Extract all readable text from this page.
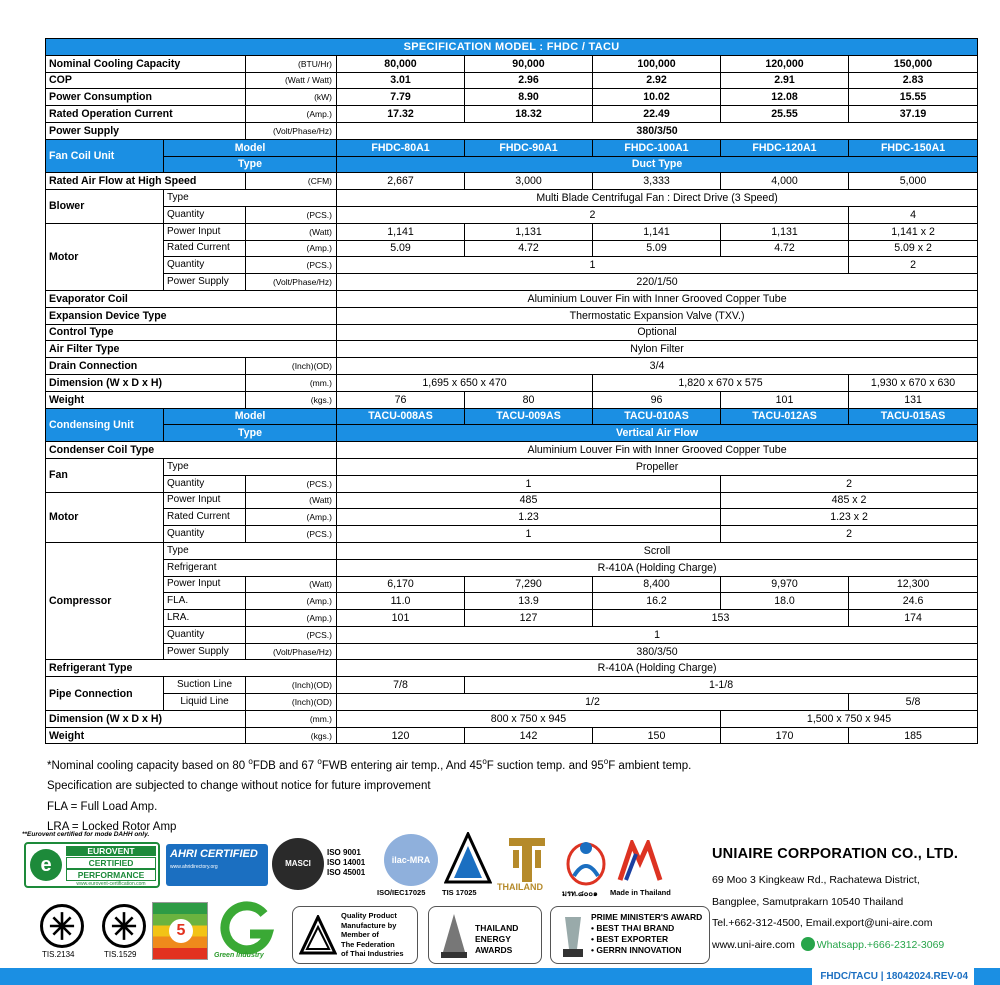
SPECIFICATION MODEL : FHDC / TACU							
Nominal Cooling Capacity		(BTU/Hr)	80,000	90,000	100,000	120,000	150,000
COP		(Watt / Watt)	3.01	2.96	2.92	2.91	2.83
Power Consumption		(kW)	7.79	8.90	10.02	12.08	15.55
Rated Operation Current		(Amp.)	17.32	18.32	22.49	25.55	37.19
Power Supply		(Volt/Phase/Hz)	380/3/50				
Fan Coil Unit	Model		FHDC-80A1	FHDC-90A1	FHDC-100A1	FHDC-120A1	FHDC-150A1
	Type		Duct Type				
Rated Air Flow at High Speed		(CFM)	2,667	3,000	3,333	4,000	5,000
Blower	Type		Multi Blade Centrifugal Fan : Direct Drive (3 Speed)				
	Quantity	(PCS.)	2				4
Motor	Power Input	(Watt)	1,141	1,131	1,141	1,131	1,141 x 2
	Rated Current	(Amp.)	5.09	4.72	5.09	4.72	5.09 x 2
	Quantity	(PCS.)	1				2
	Power Supply	(Volt/Phase/Hz)	220/1/50				
Evaporator Coil			Aluminium Louver Fin with Inner Grooved Copper Tube				
Expansion Device Type			Thermostatic Expansion Valve (TXV.)				
Control Type			Optional				
Air Filter Type			Nylon Filter				
Drain Connection		(Inch)(OD)	3/4				
Dimension (W x D x H)		(mm.)	1,695 x 650 x 470		1,820 x 670 x 575		1,930 x 670 x 630
Weight		(kgs.)	76	80	96	101	131
Condensing Unit	Model		TACU-008AS	TACU-009AS	TACU-010AS	TACU-012AS	TACU-015AS
	Type		Vertical Air Flow				
Condenser Coil Type			Aluminium Louver Fin with Inner Grooved Copper Tube				
Fan	Type		Propeller				
	Quantity	(PCS.)	1			2	
Motor	Power Input	(Watt)	485			485 x 2	
	Rated Current	(Amp.)	1.23			1.23 x 2	
	Quantity	(PCS.)	1			2	
Compressor	Type		Scroll				
	Refrigerant		R-410A (Holding Charge)				
	Power Input	(Watt)	6,170	7,290	8,400	9,970	12,300
	FLA.	(Amp.)	11.0	13.9	16.2	18.0	24.6
	LRA.	(Amp.)	101	127	153		174
	Quantity	(PCS.)	1				
	Power Supply	(Volt/Phase/Hz)	380/3/50				
Refrigerant Type			R-410A (Holding Charge)				
Pipe Connection	Suction Line	(Inch)(OD)	7/8	1-1/8			
	Liquid Line	(Inch)(OD)	1/2				5/8
Dimension (W x D x H)		(mm.)	800 x 750 x 945			1,500 x 750 x 945	
Weight		(kgs.)	120	142	150	170	185
*Nominal cooling capacity based on 80 $^o$FDB and 67 $^o$FWB entering air temp., And 45$^o$F suction temp. and 95$^o$F ambient temp.
Specification are subjected to change without notice for future improvement
FLA = Full Load Amp.
LRA = Locked Rotor Amp
**Eurovent certified for mode DAHH only.
e
EUROVENT
CERTIFIED
PERFORMANCE
www.eurovent-certification.com
AHRI CERTIFIED
www.ahridirectory.org	MASCI
ISO 9001
ISO 14001
ISO 45001
ilac-MRA
ISO/IEC17025 TIS 17025
THAILAND
มรท.๘๐๐๑ Made in Thailand
TIS.2134	TIS.1529
5
Green Industry
Quality Product
Manufacture by
Member of
The Federation
of Thai Industries
THAILAND
ENERGY
AWARDS
PRIME MINISTER'S AWARD
• BEST THAI BRAND
• BEST EXPORTER
• GERRN INNOVATION
UNIAIRE CORPORATION CO., LTD.
69 Moo 3 Kingkeaw Rd., Rachatewa District,
Bangplee, Samutprakarn 10540 Thailand
Tel.+662-312-4500, Email.export@uni-aire.com
www.uni-aire.com Whatsapp.+666-2312-3069
FHDC/TACU | 18042024.REV-04
